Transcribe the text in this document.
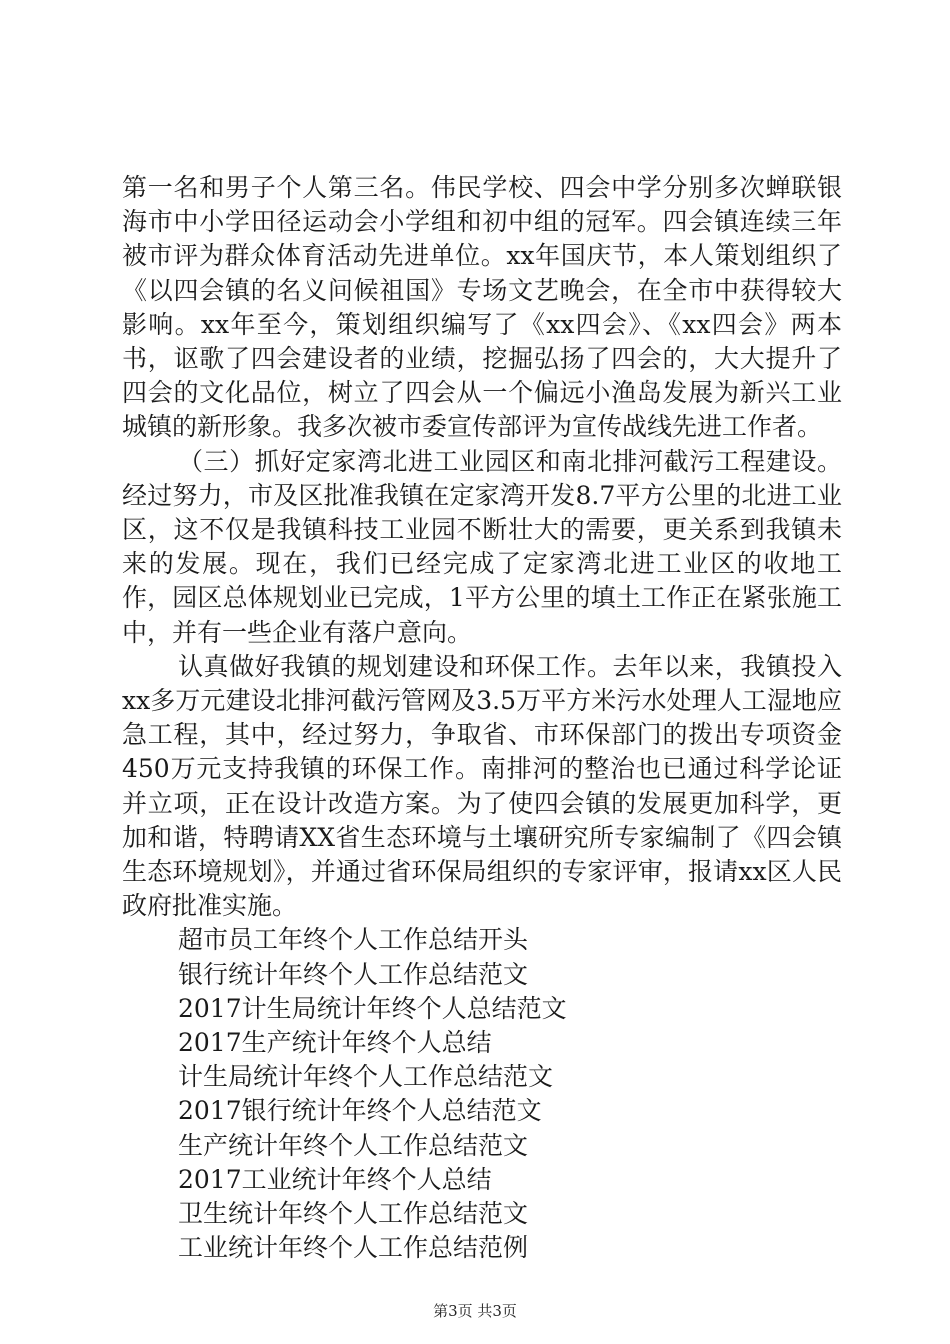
第一名和男子个人第三名。伟民学校、四会中学分别多次蝉联银海市中小学田径运动会小学组和初中组的冠军。四会镇连续三年被市评为群众体育活动先进单位。xx年国庆节，本人策划组织了《以四会镇的名义问候祖国》专场文艺晚会，在全市中获得较大影响。xx年至今，策划组织编写了《xx四会》、《xx四会》两本书，讴歌了四会建设者的业绩，挖掘弘扬了四会的，大大提升了四会的文化品位，树立了四会从一个偏远小渔岛发展为新兴工业城镇的新形象。我多次被市委宣传部评为宣传战线先进工作者。

（三）抓好定家湾北进工业园区和南北排河截污工程建设。经过努力，市及区批准我镇在定家湾开发8.7平方公里的北进工业区，这不仅是我镇科技工业园不断壮大的需要，更关系到我镇未来的发展。现在，我们已经完成了定家湾北进工业区的收地工作，园区总体规划业已完成，1平方公里的填土工作正在紧张施工中，并有一些企业有落户意向。

认真做好我镇的规划建设和环保工作。去年以来，我镇投入xx多万元建设北排河截污管网及3.5万平方米污水处理人工湿地应急工程，其中，经过努力，争取省、市环保部门的拨出专项资金450万元支持我镇的环保工作。南排河的整治也已通过科学论证并立项，正在设计改造方案。为了使四会镇的发展更加科学，更加和谐，特聘请XX省生态环境与土壤研究所专家编制了《四会镇生态环境规划》，并通过省环保局组织的专家评审，报请xx区人民政府批准实施。

超市员工年终个人工作总结开头
银行统计年终个人工作总结范文
2017计生局统计年终个人总结范文
2017生产统计年终个人总结
计生局统计年终个人工作总结范文
2017银行统计年终个人总结范文
生产统计年终个人工作总结范文
2017工业统计年终个人总结
卫生统计年终个人工作总结范文
工业统计年终个人工作总结范例
第3页 共3页
